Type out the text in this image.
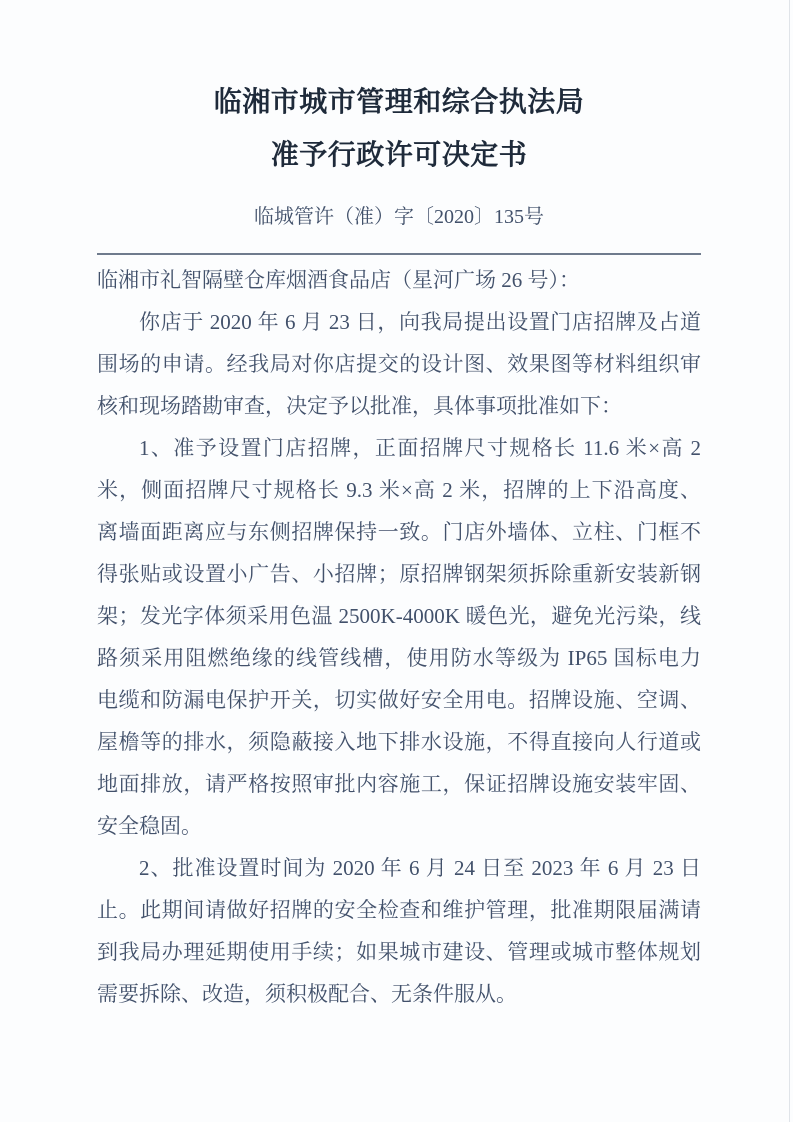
临湘市城市管理和综合执法局
准予行政许可决定书
临城管许（准）字〔2020〕135号
临湘市礼智隔壁仓库烟酒食品店（星河广场 26 号）：
你店于 2020 年 6 月 23 日，向我局提出设置门店招牌及占道
围场的申请。经我局对你店提交的设计图、效果图等材料组织审
核和现场踏勘审查，决定予以批准，具体事项批准如下：
1、准予设置门店招牌，正面招牌尺寸规格长 11.6 米×高 2
米，侧面招牌尺寸规格长 9.3 米×高 2 米，招牌的上下沿高度、
离墙面距离应与东侧招牌保持一致。门店外墙体、立柱、门框不
得张贴或设置小广告、小招牌；原招牌钢架须拆除重新安装新钢
架；发光字体须采用色温 2500K-4000K 暖色光，避免光污染，线
路须采用阻燃绝缘的线管线槽，使用防水等级为 IP65 国标电力
电缆和防漏电保护开关，切实做好安全用电。招牌设施、空调、
屋檐等的排水，须隐蔽接入地下排水设施，不得直接向人行道或
地面排放，请严格按照审批内容施工，保证招牌设施安装牢固、
安全稳固。
2、批准设置时间为 2020 年 6 月 24 日至 2023 年 6 月 23 日
止。此期间请做好招牌的安全检查和维护管理，批准期限届满请
到我局办理延期使用手续；如果城市建设、管理或城市整体规划
需要拆除、改造，须积极配合、无条件服从。
